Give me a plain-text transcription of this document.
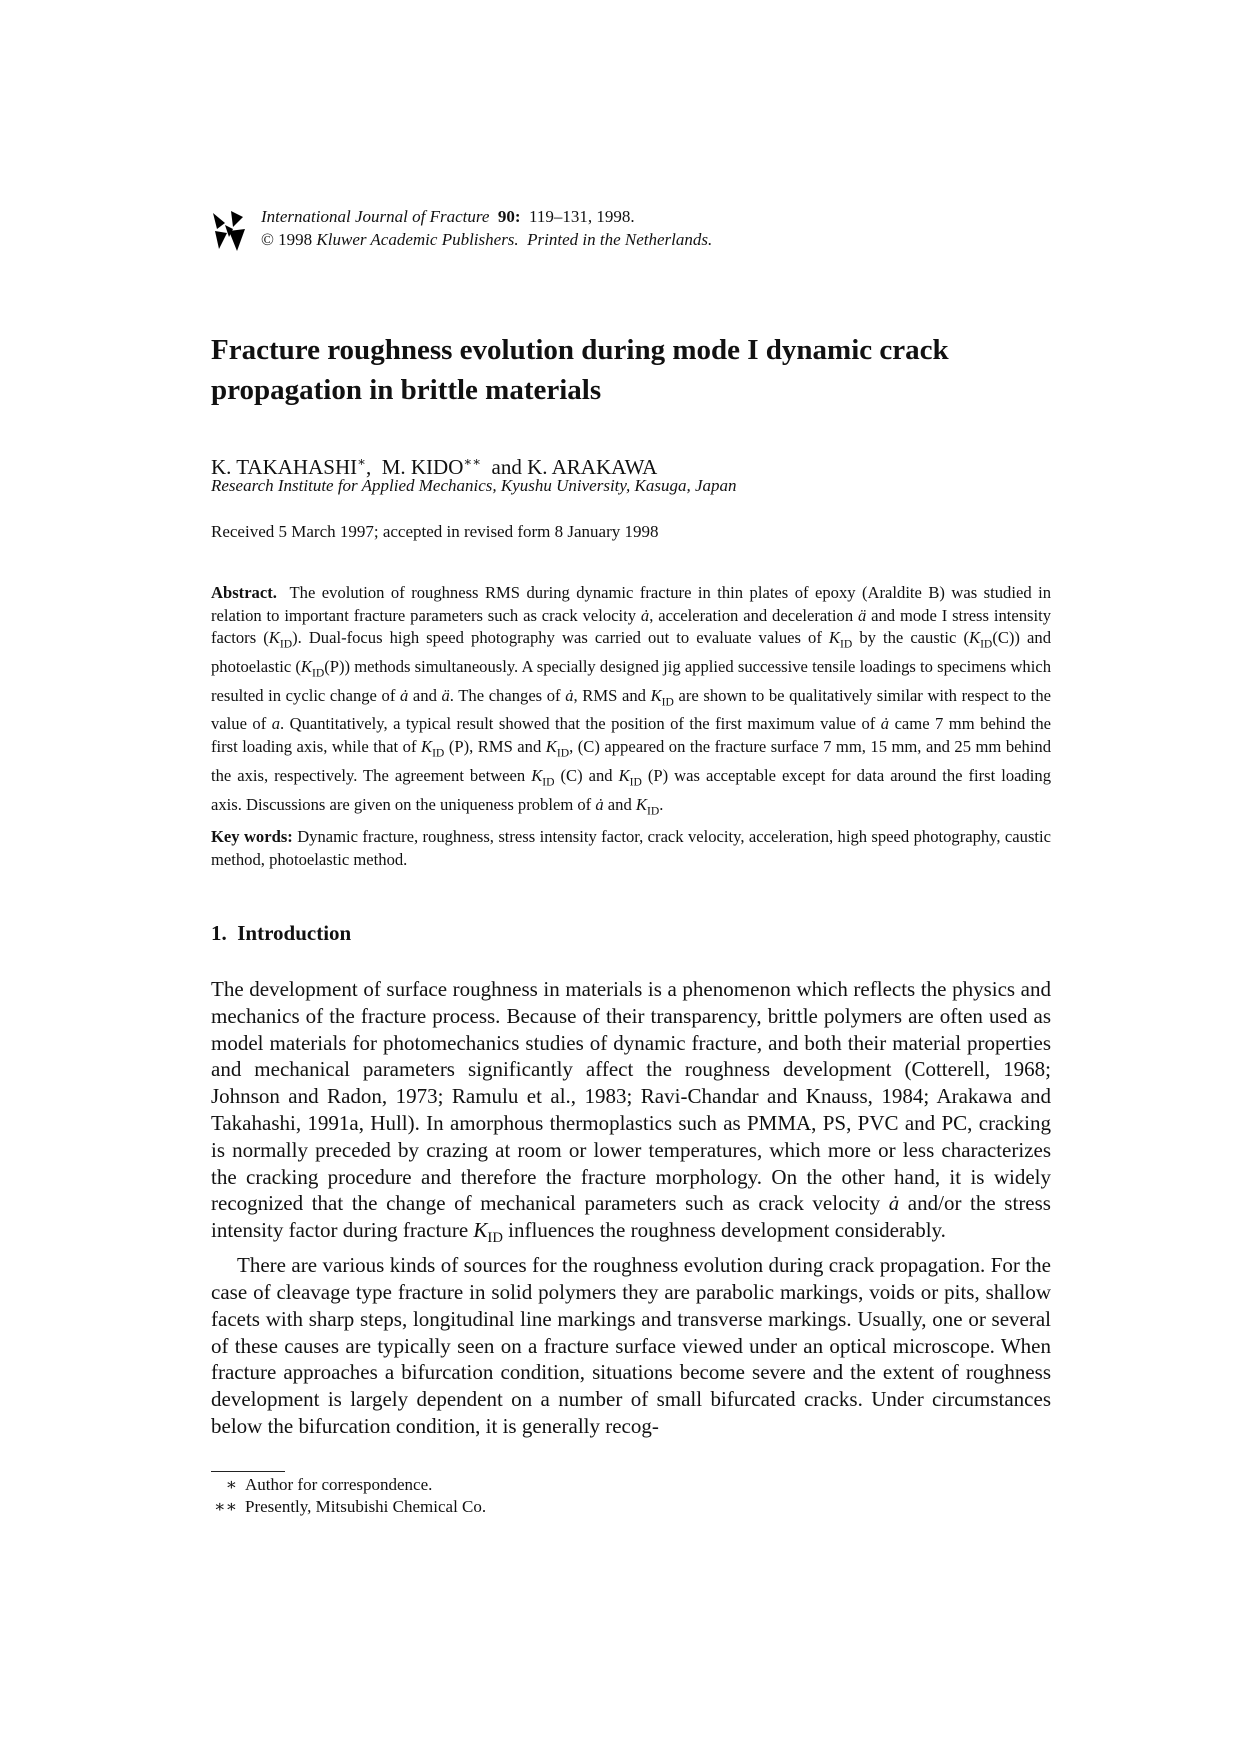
International Journal of Fracture 90: 119–131, 1998.
© 1998 Kluwer Academic Publishers. Printed in the Netherlands.
Fracture roughness evolution during mode I dynamic crack propagation in brittle materials
K. TAKAHASHI∗,  M. KIDO∗∗ and K. ARAKAWA
Research Institute for Applied Mechanics, Kyushu University, Kasuga, Japan
Received 5 March 1997; accepted in revised form 8 January 1998

Abstract. The evolution of roughness RMS during dynamic fracture in thin plates of epoxy (Araldite B) was studied in relation to important fracture parameters such as crack velocity ȧ, acceleration and deceleration ä and mode I stress intensity factors $(K_{ID})$. Dual-focus high speed photography was carried out to evaluate values of $K_{ID}$ by the caustic $(K_{ID}(C))$ and photoelastic $(K_{ID}(P))$ methods simultaneously. A specially designed jig applied successive tensile loadings to specimens which resulted in cyclic change of ȧ and ä. The changes of ȧ, RMS and $K_{ID}$ are shown to be qualitatively similar with respect to the value of a. Quantitatively, a typical result showed that the position of the first maximum value of ȧ came 7 mm behind the first loading axis, while that of $K_{ID}$ (P), RMS and $K_{ID}$, (C) appeared on the fracture surface 7 mm, 15 mm, and 25 mm behind the axis, respectively. The agreement between $K_{ID}$ (C) and $K_{ID}$ (P) was acceptable except for data around the first loading axis. Discussions are given on the uniqueness problem of ȧ and $K_{ID}$.

Key words: Dynamic fracture, roughness, stress intensity factor, crack velocity, acceleration, high speed photography, caustic method, photoelastic method.

1. Introduction

The development of surface roughness in materials is a phenomenon which reflects the physics and mechanics of the fracture process. Because of their transparency, brittle polymers are often used as model materials for photomechanics studies of dynamic fracture, and both their material properties and mechanical parameters significantly affect the roughness development (Cotterell, 1968; Johnson and Radon, 1973; Ramulu et al., 1983; Ravi-Chandar and Knauss, 1984; Arakawa and Takahashi, 1991a, Hull). In amorphous thermoplastics such as PMMA, PS, PVC and PC, cracking is normally preceded by crazing at room or lower temperatures, which more or less characterizes the cracking procedure and therefore the fracture morphology. On the other hand, it is widely recognized that the change of mechanical parameters such as crack velocity ȧ and/or the stress intensity factor during fracture $K_{ID}$ influences the roughness development considerably.

There are various kinds of sources for the roughness evolution during crack propagation. For the case of cleavage type fracture in solid polymers they are parabolic markings, voids or pits, shallow facets with sharp steps, longitudinal line markings and transverse markings. Usually, one or several of these causes are typically seen on a fracture surface viewed under an optical microscope. When fracture approaches a bifurcation condition, situations become severe and the extent of roughness development is largely dependent on a number of small bifurcated cracks. Under circumstances below the bifurcation condition, it is generally recog-

∗ Author for correspondence.
∗∗ Presently, Mitsubishi Chemical Co.
